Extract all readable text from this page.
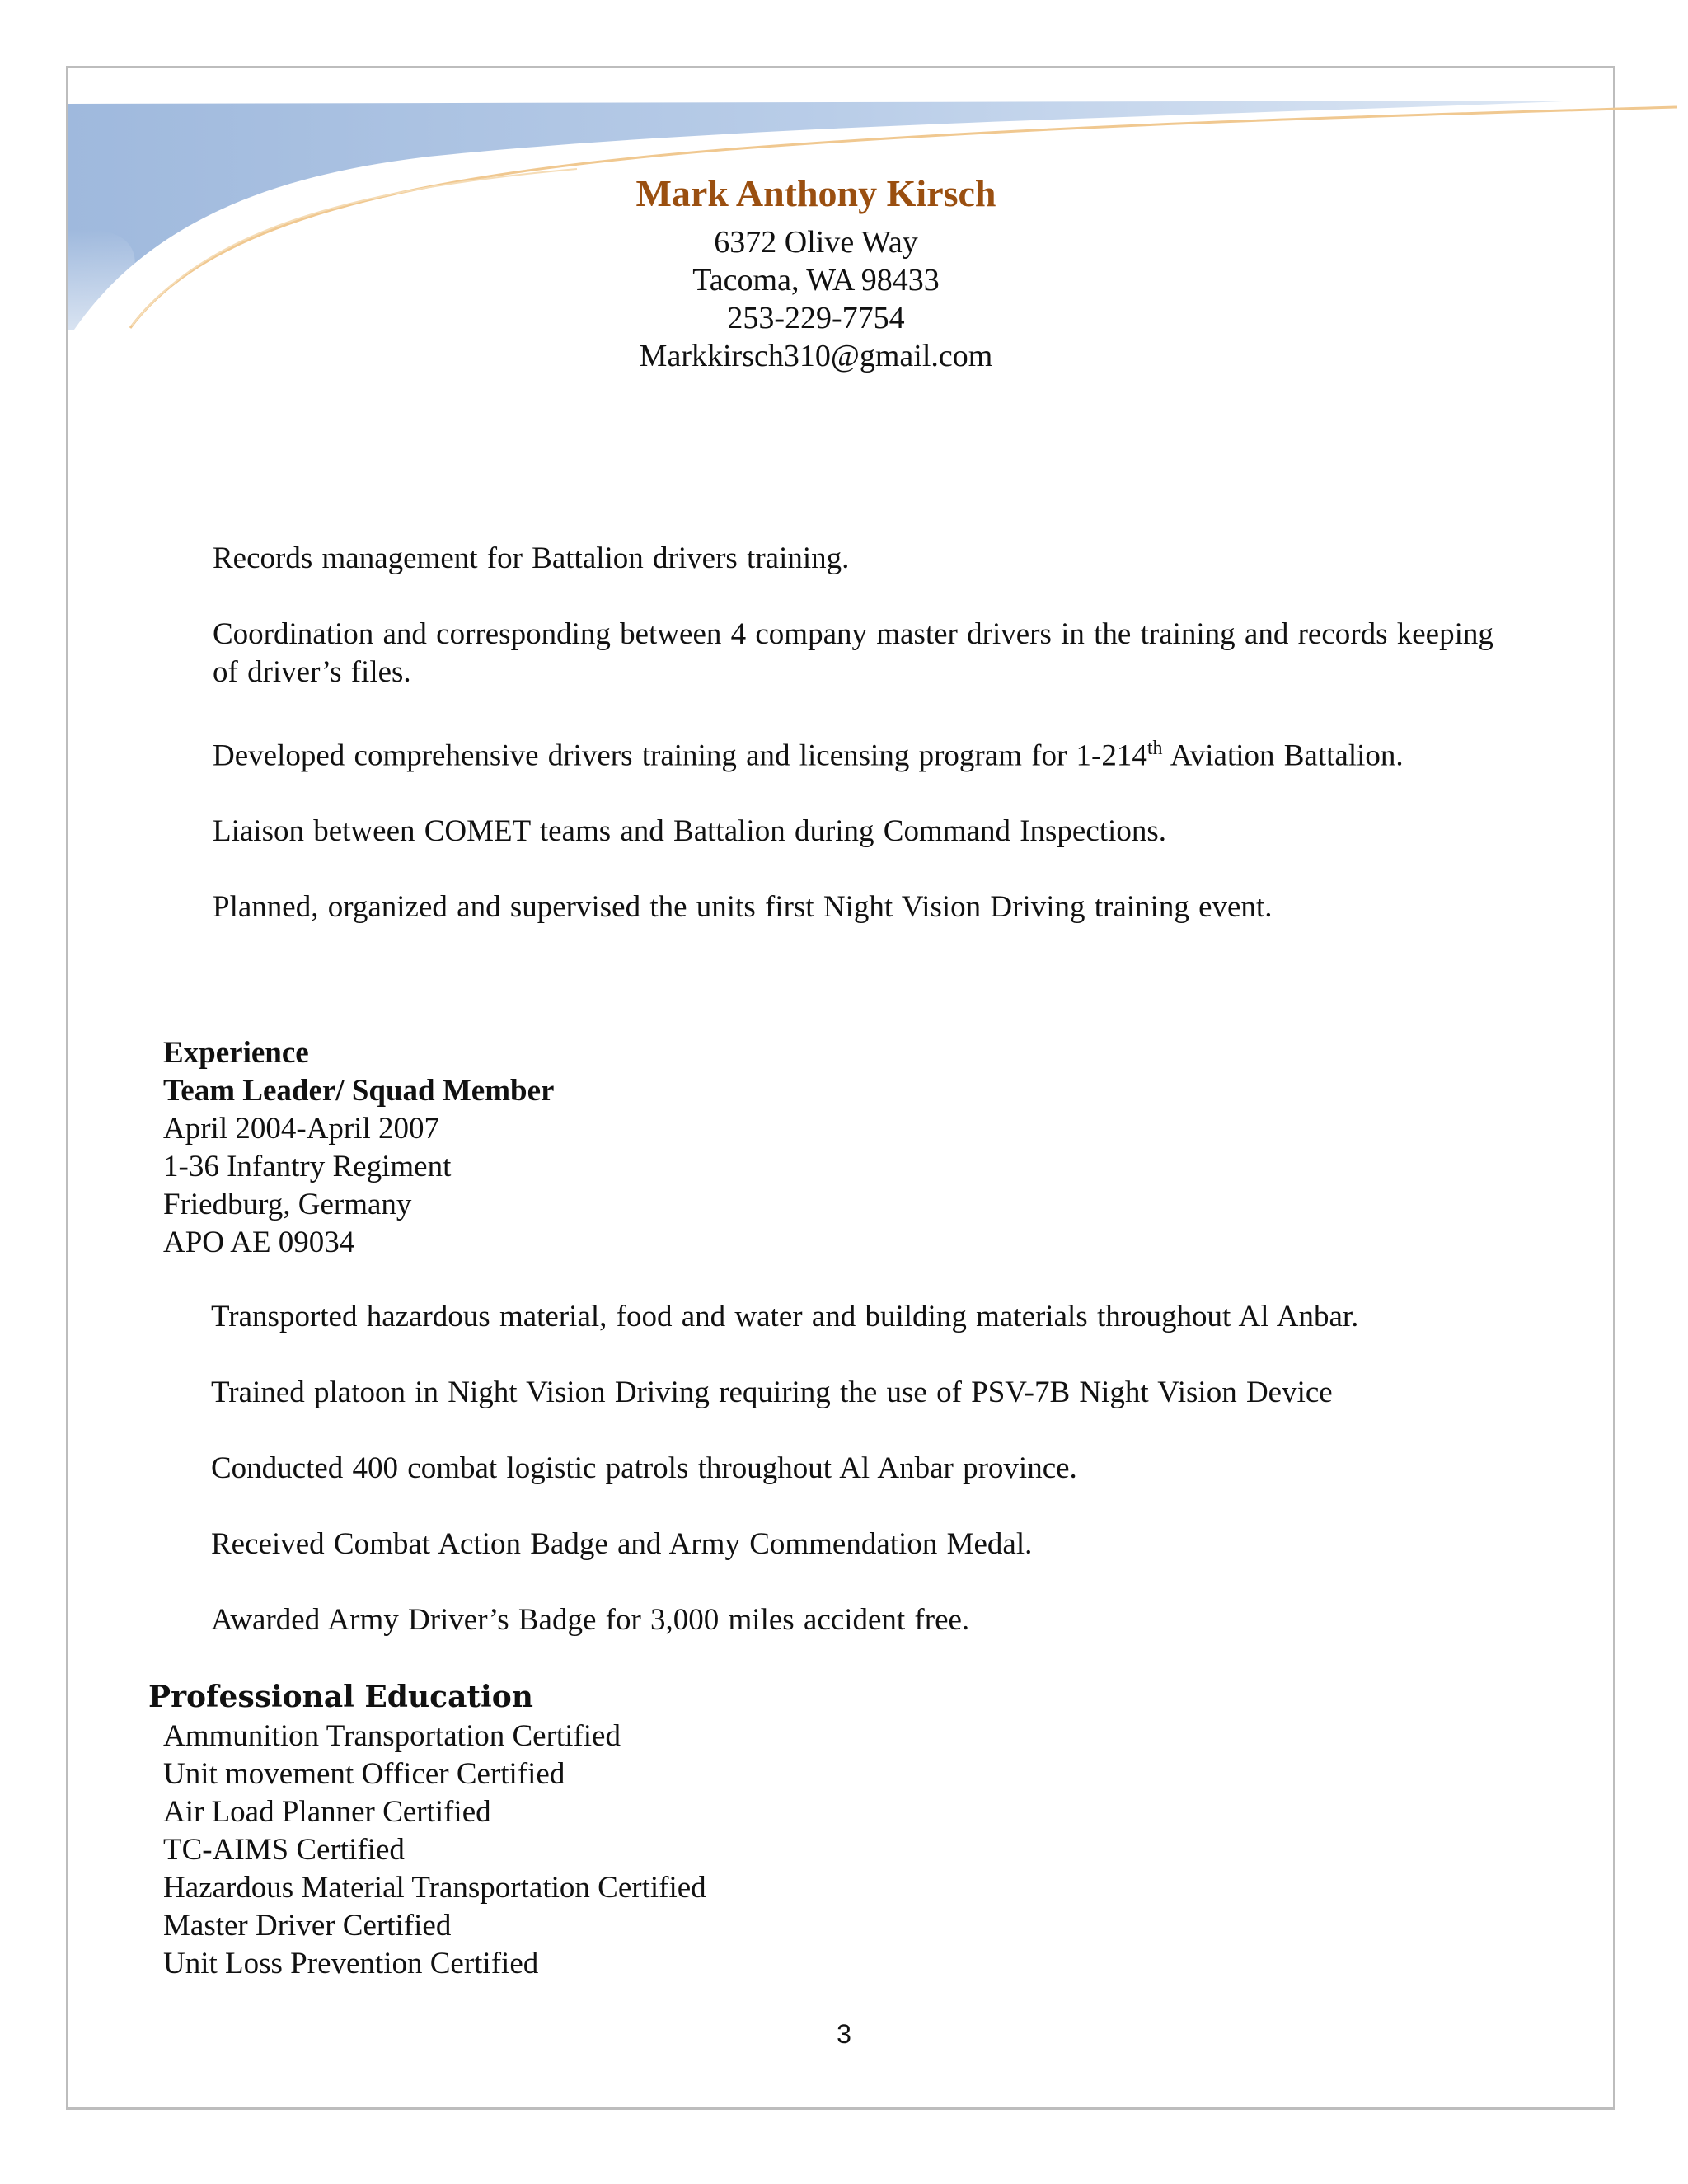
Mark Anthony Kirsch
6372 Olive Way
Tacoma, WA 98433
253-229-7754
Markkirsch310@gmail.com

Records management for Battalion drivers training.

Coordination and corresponding between 4 company master drivers in the training and records keeping of driver’s files.

Developed comprehensive drivers training and licensing program for 1-214th Aviation Battalion.

Liaison between COMET teams and Battalion during Command Inspections.

Planned, organized and supervised the units first Night Vision Driving training event.

Experience
Team Leader/ Squad Member
April 2004-April 2007
1-36 Infantry Regiment
Friedburg, Germany
APO AE 09034

Transported hazardous material, food and water and building materials throughout Al Anbar.

Trained platoon in Night Vision Driving requiring the use of PSV-7B Night Vision Device

Conducted 400 combat logistic patrols throughout Al Anbar province.

Received Combat Action Badge and Army Commendation Medal.

Awarded Army Driver’s Badge for 3,000 miles accident free.

Professional Education
Ammunition Transportation Certified
Unit movement Officer Certified
Air Load Planner Certified
TC-AIMS Certified
Hazardous Material Transportation Certified
Master Driver Certified
Unit Loss Prevention Certified
3
